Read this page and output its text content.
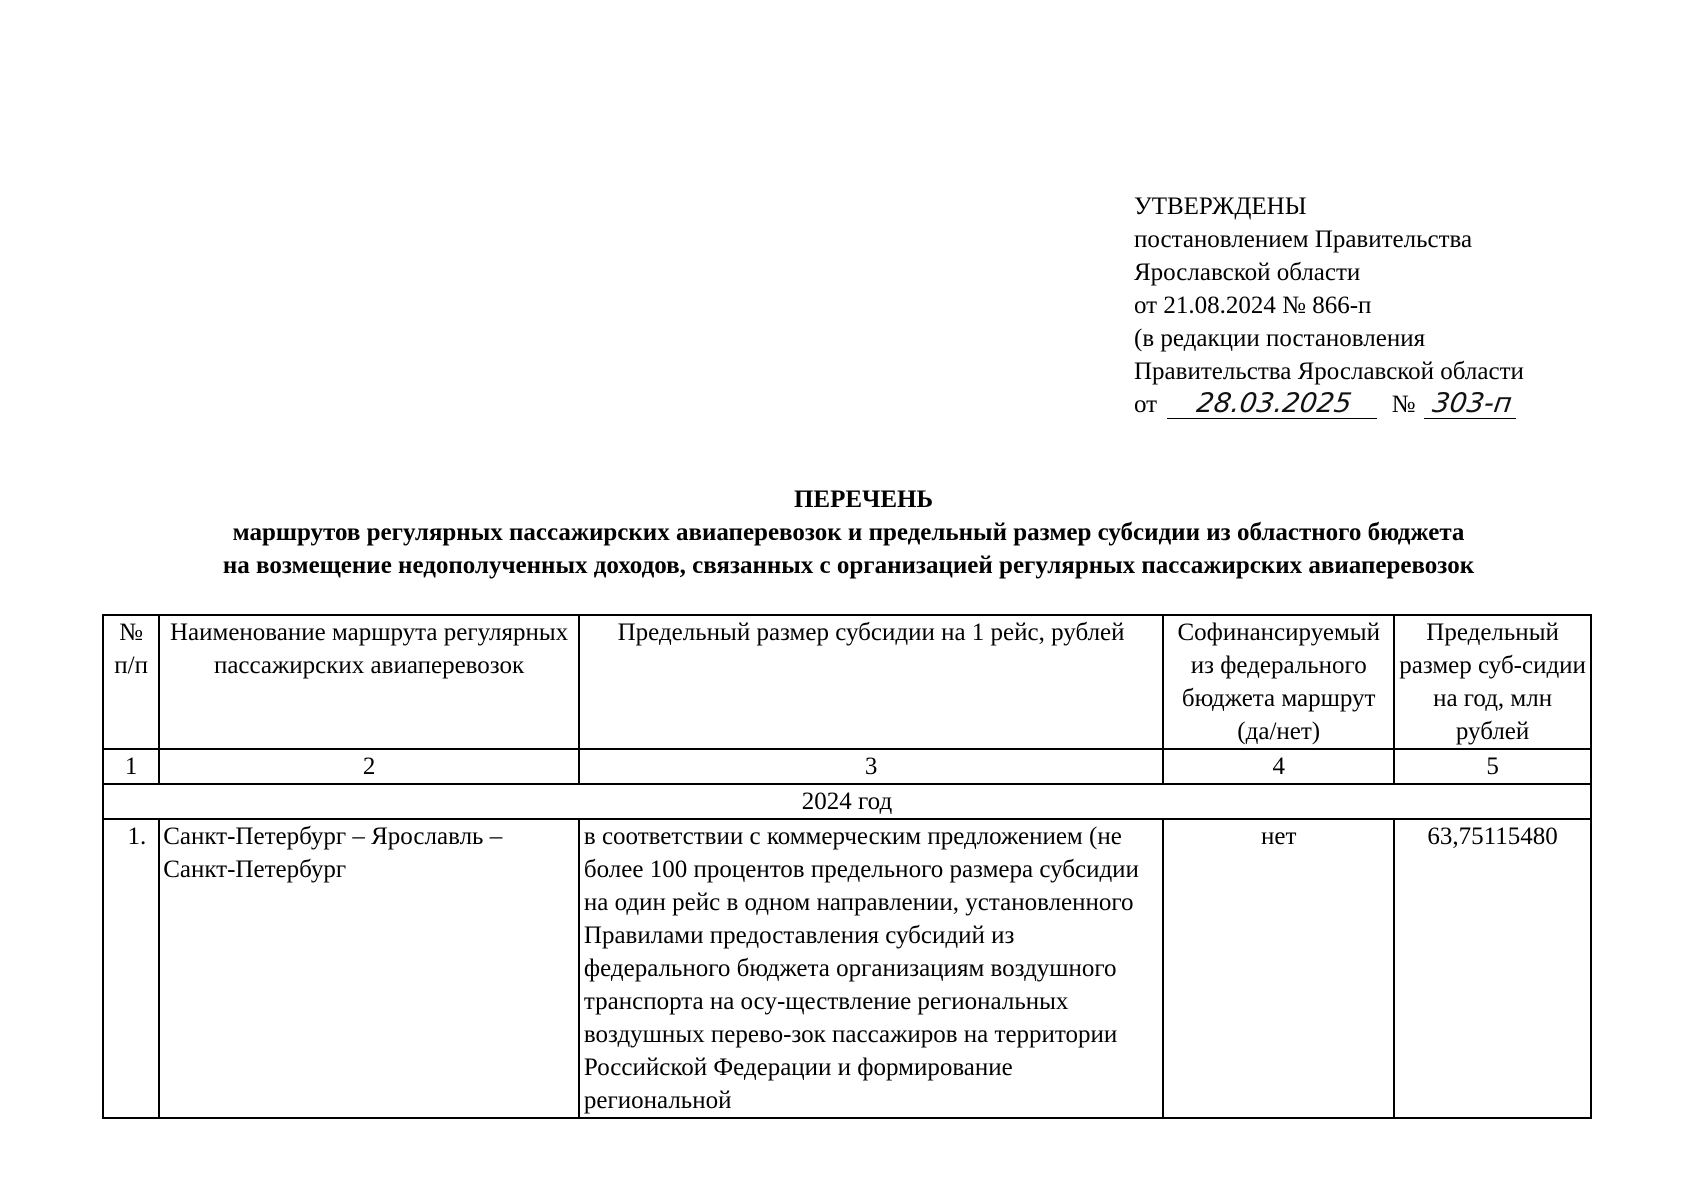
УТВЕРЖДЕНЫ
постановлением Правительства
Ярославской области
от 21.08.2024 № 866-п
(в редакции постановления
Правительства Ярославской области
от 28.03.2025 № 303-п
ПЕРЕЧЕНЬ
маршрутов регулярных пассажирских авиаперевозок и предельный размер субсидии из областного бюджета
на возмещение недополученных доходов, связанных с организацией регулярных пассажирских авиаперевозок
№ п/п	Наименование маршрута регулярных пассажирских авиаперевозок	Предельный размер субсидии на 1 рейс, рублей	Софинансируемый из федерального бюджета маршрут (да/нет)	Предельный размер суб-сидии на год, млн рублей
1	2	3	4	5
2024 год				
1.	Санкт-Петербург – Ярославль – Санкт-Петербург	в соответствии с коммерческим предложением (не более 100 процентов предельного размера субсидии на один рейс в одном направлении, установленного Правилами предоставления субсидий из федерального бюджета организациям воздушного транспорта на осу-ществление региональных воздушных перево-зок пассажиров на территории Российской Федерации и формирование региональной	нет	63,75115480
